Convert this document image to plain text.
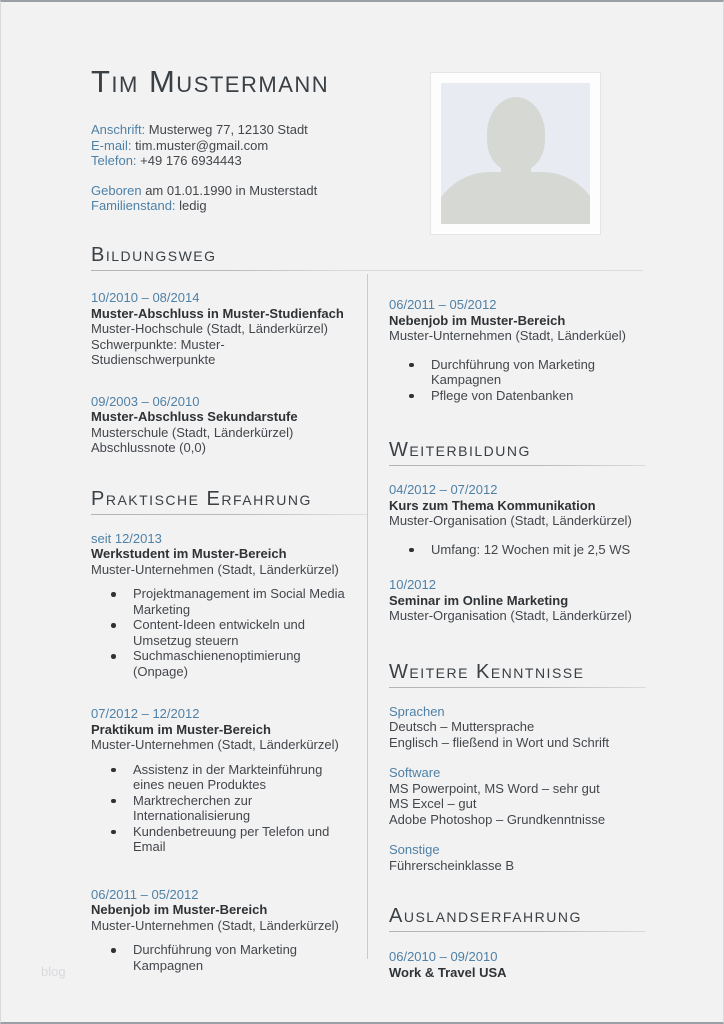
Tim Mustermann
Anschrift: Musterweg 77, 12130 Stadt
E-mail: tim.muster@gmail.com
Telefon: +49 176 6934443
Geboren am 01.01.1990 in Musterstadt
Familienstand: ledig
Bildungsweg
10/2010 – 08/2014
Muster-Abschluss in Muster-Studienfach
Muster-Hochschule (Stadt, Länderkürzel)
Schwerpunkte: Muster-Studienschwerpunkte
09/2003 – 06/2010
Muster-Abschluss Sekundarstufe
Musterschule (Stadt, Länderkürzel)
Abschlussnote (0,0)
Praktische Erfahrung
seit 12/2013
Werkstudent im Muster-Bereich
Muster-Unternehmen (Stadt, Länderkürzel)
Projektmanagement im Social Media Marketing
Content-Ideen entwickeln und Umsetzug steuern
Suchmaschienenoptimierung (Onpage)
07/2012 – 12/2012
Praktikum im Muster-Bereich
Muster-Unternehmen (Stadt, Länderkürzel)
Assistenz in der Markteinführung eines neuen Produktes
Marktrecherchen zur Internationalisierung
Kundenbetreuung per Telefon und Email
06/2011 – 05/2012
Nebenjob im Muster-Bereich
Muster-Unternehmen (Stadt, Länderkürzel)
Durchführung von Marketing Kampagnen
06/2011 – 05/2012
Nebenjob im Muster-Bereich
Muster-Unternehmen (Stadt, Länderküel)
Durchführung von Marketing Kampagnen
Pflege von Datenbanken
Weiterbildung
04/2012 – 07/2012
Kurs zum Thema Kommunikation
Muster-Organisation (Stadt, Länderkürzel)
Umfang: 12 Wochen mit je 2,5 WS
10/2012
Seminar im Online Marketing
Muster-Organisation (Stadt, Länderkürzel)
Weitere Kenntnisse
Sprachen
Deutsch – Muttersprache
Englisch – fließend in Wort und Schrift
Software
MS Powerpoint, MS Word – sehr gut
MS Excel – gut
Adobe Photoshop – Grundkenntnisse
Sonstige
Führerscheinklasse B
Auslandserfahrung
06/2010 – 09/2010
Work & Travel USA
blog
